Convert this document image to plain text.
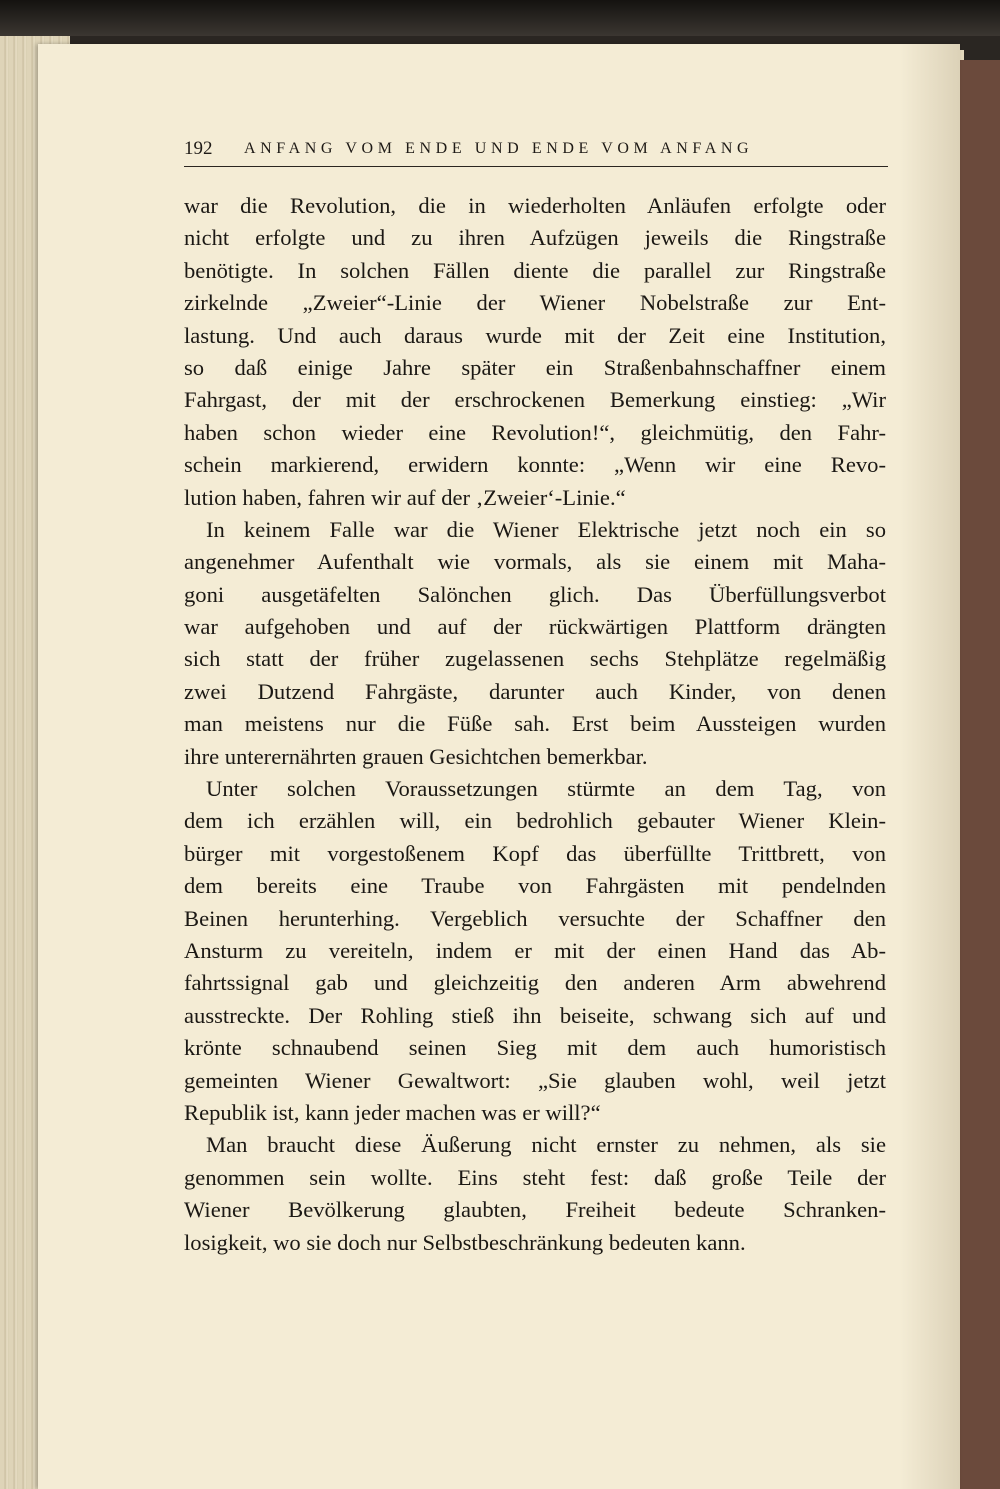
192 ANFANG VOM ENDE UND ENDE VOM ANFANG
war die Revolution, die in wiederholten Anläufen erfolgte oder
nicht erfolgte und zu ihren Aufzügen jeweils die Ringstraße
benötigte. In solchen Fällen diente die parallel zur Ringstraße
zirkelnde „Zweier“-Linie der Wiener Nobelstraße zur Ent-
lastung. Und auch daraus wurde mit der Zeit eine Institution,
so daß einige Jahre später ein Straßenbahnschaffner einem
Fahrgast, der mit der erschrockenen Bemerkung einstieg: „Wir
haben schon wieder eine Revolution!“, gleichmütig, den Fahr-
schein markierend, erwidern konnte: „Wenn wir eine Revo-
lution haben, fahren wir auf der ‚Zweier‘-Linie.“
In keinem Falle war die Wiener Elektrische jetzt noch ein so
angenehmer Aufenthalt wie vormals, als sie einem mit Maha-
goni ausgetäfelten Salönchen glich. Das Überfüllungsverbot
war aufgehoben und auf der rückwärtigen Plattform drängten
sich statt der früher zugelassenen sechs Stehplätze regelmäßig
zwei Dutzend Fahrgäste, darunter auch Kinder, von denen
man meistens nur die Füße sah. Erst beim Aussteigen wurden
ihre unterernährten grauen Gesichtchen bemerkbar.
Unter solchen Voraussetzungen stürmte an dem Tag, von
dem ich erzählen will, ein bedrohlich gebauter Wiener Klein-
bürger mit vorgestoßenem Kopf das überfüllte Trittbrett, von
dem bereits eine Traube von Fahrgästen mit pendelnden
Beinen herunterhing. Vergeblich versuchte der Schaffner den
Ansturm zu vereiteln, indem er mit der einen Hand das Ab-
fahrtssignal gab und gleichzeitig den anderen Arm abwehrend
ausstreckte. Der Rohling stieß ihn beiseite, schwang sich auf und
krönte schnaubend seinen Sieg mit dem auch humoristisch
gemeinten Wiener Gewaltwort: „Sie glauben wohl, weil jetzt
Republik ist, kann jeder machen was er will?“
Man braucht diese Äußerung nicht ernster zu nehmen, als sie
genommen sein wollte. Eins steht fest: daß große Teile der
Wiener Bevölkerung glaubten, Freiheit bedeute Schranken-
losigkeit, wo sie doch nur Selbstbeschränkung bedeuten kann.
